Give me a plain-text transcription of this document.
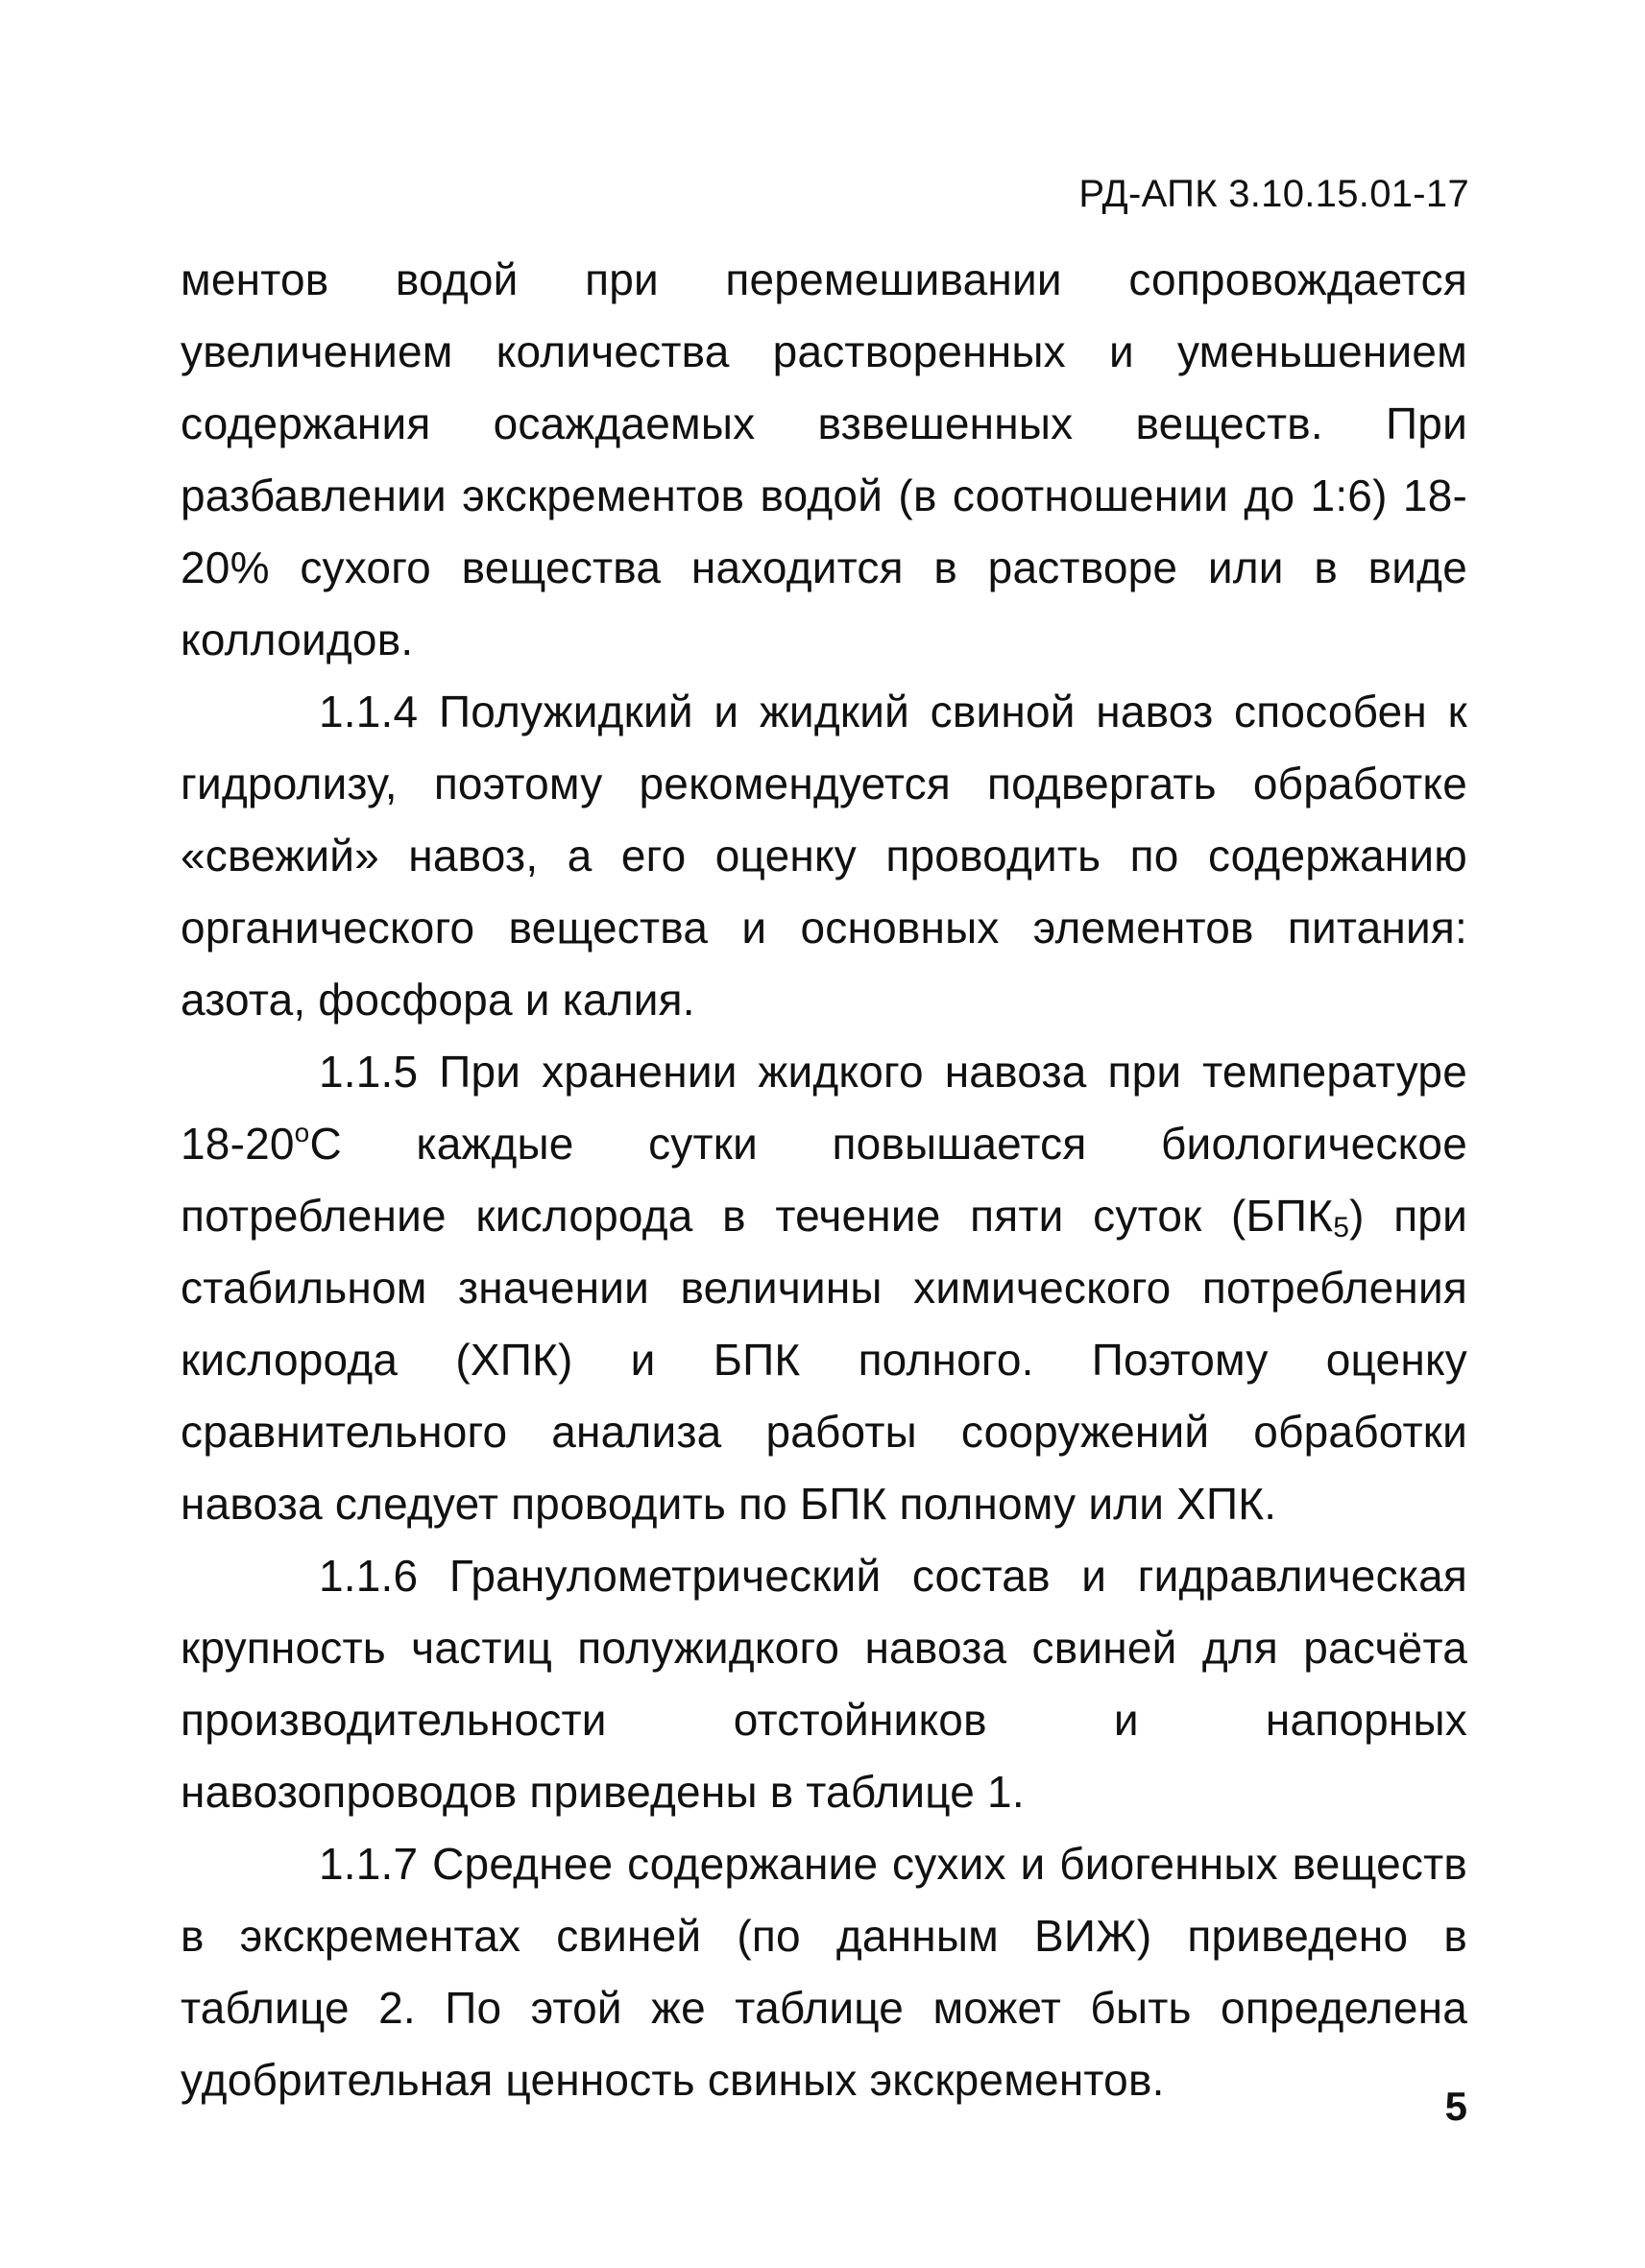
РД-АПК 3.10.15.01-17

ментов водой при перемешивании сопровождается увеличением количества растворенных и уменьшением содержания осаждаемых взвешенных веществ. При разбавлении экскрементов водой (в соотношении до 1:6) 18-20% сухого вещества находится в растворе или в виде коллоидов.

1.1.4 Полужидкий и жидкий свиной навоз способен к гидролизу, поэтому рекомендуется подвергать обработке «свежий» навоз, а его оценку проводить по содержанию органического вещества и основных элементов питания: азота, фосфора и калия.

1.1.5 При хранении жидкого навоза при температуре $18-20^оС$ каждые сутки повышается биологическое потребление кислорода в течение пяти суток $(БПК_5)$ при стабильном значении величины химического потребления кислорода (ХПК) и БПК полного. Поэтому оценку сравнительного анализа работы сооружений обработки навоза следует проводить по БПК полному или ХПК.

1.1.6 Гранулометрический состав и гидравлическая крупность частиц полужидкого навоза свиней для расчёта производительности отстойников и напорных навозопроводов приведены в таблице 1.

1.1.7 Среднее содержание сухих и биогенных веществ в экскрементах свиней (по данным ВИЖ) приведено в таблице 2. По этой же таблице может быть определена удобрительная ценность свиных экскрементов.

5
